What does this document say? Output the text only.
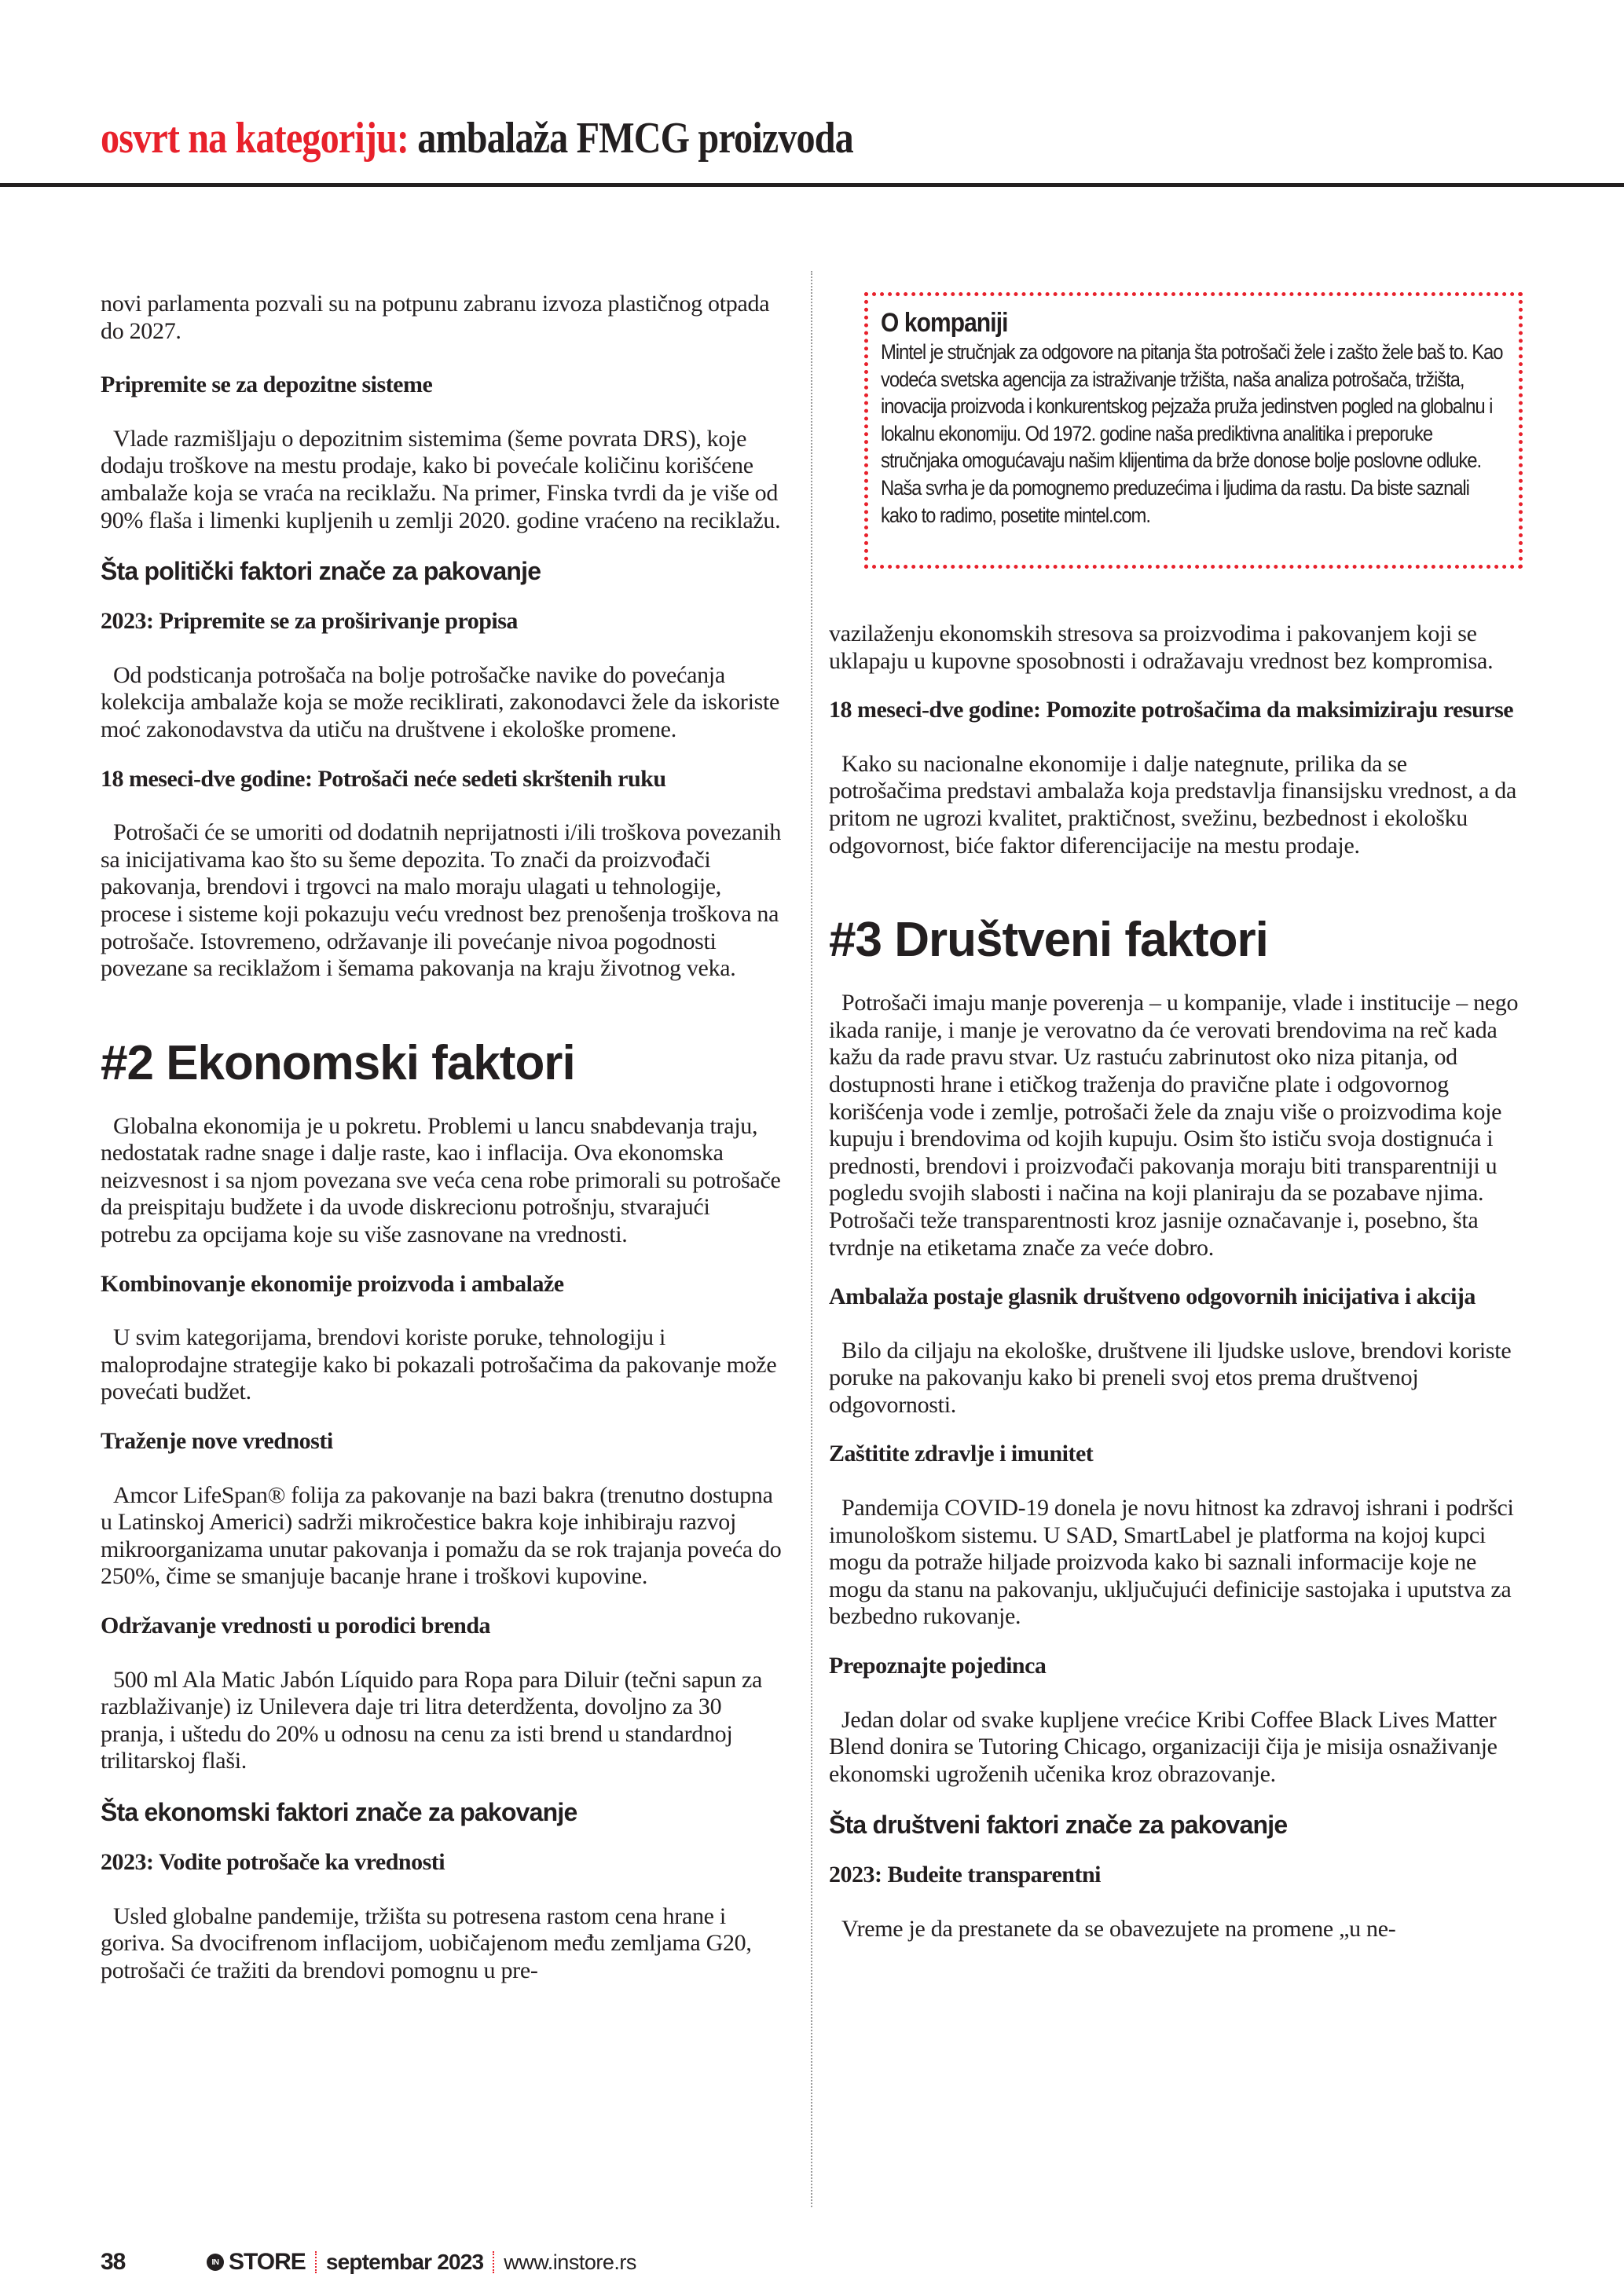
osvrt na kategoriju: ambalaža FMCG proizvoda

novi parlamenta pozvali su na potpunu zabranu izvoza plastičnog otpada do 2027.

Pripremite se za depozitne sisteme

Vlade razmišljaju o depozitnim sistemima (šeme povrata DRS), koje dodaju troškove na mestu prodaje, kako bi povećale količinu korišćene ambalaže koja se vraća na reciklažu. Na primer, Finska tvrdi da je više od 90% flaša i limenki kupljenih u zemlji 2020. godine vraćeno na reciklažu.

Šta politički faktori znače za pakovanje

2023: Pripremite se za proširivanje propisa

Od podsticanja potrošača na bolje potrošačke navike do povećanja kolekcija ambalaže koja se može reciklirati, zakonodavci žele da iskoriste moć zakonodavstva da utiču na društvene i ekološke promene.

18 meseci-dve godine: Potrošači neće sedeti skrštenih ruku

Potrošači će se umoriti od dodatnih neprijatnosti i/ili troškova povezanih sa inicijativama kao što su šeme depozita. To znači da proizvođači pakovanja, brendovi i trgovci na malo moraju ulagati u tehnologije, procese i sisteme koji pokazuju veću vrednost bez prenošenja troškova na potrošače. Istovremeno, održavanje ili povećanje nivoa pogodnosti povezane sa reciklažom i šemama pakovanja na kraju životnog veka.

#2 Ekonomski faktori

Globalna ekonomija je u pokretu. Problemi u lancu snabdevanja traju, nedostatak radne snage i dalje raste, kao i inflacija. Ova ekonomska neizvesnost i sa njom povezana sve veća cena robe primorali su potrošače da preispitaju budžete i da uvode diskrecionu potrošnju, stvarajući potrebu za opcijama koje su više zasnovane na vrednosti.

Kombinovanje ekonomije proizvoda i ambalaže

U svim kategorijama, brendovi koriste poruke, tehnologiju i maloprodajne strategije kako bi pokazali potrošačima da pakovanje može povećati budžet.

Traženje nove vrednosti

Amcor LifeSpan® folija za pakovanje na bazi bakra (trenutno dostupna u Latinskoj Americi) sadrži mikročestice bakra koje inhibiraju razvoj mikroorganizama unutar pakovanja i pomažu da se rok trajanja poveća do 250%, čime se smanjuje bacanje hrane i troškovi kupovine.

Održavanje vrednosti u porodici brenda

500 ml Ala Matic Jabón Líquido para Ropa para Diluir (tečni sapun za razblaživanje) iz Unilevera daje tri litra deterdženta, dovoljno za 30 pranja, i uštedu do 20% u odnosu na cenu za isti brend u standardnoj trilitarskoj flaši.

Šta ekonomski faktori znače za pakovanje

2023: Vodite potrošače ka vrednosti

Usled globalne pandemije, tržišta su potresena rastom cena hrane i goriva. Sa dvocifrenom inflacijom, uobičajenom među zemljama G20, potrošači će tražiti da brendovi pomognu u pre-

O kompaniji

Mintel je stručnjak za odgovore na pitanja šta potrošači žele i zašto žele baš to. Kao vodeća svetska agencija za istraživanje tržišta, naša analiza potrošača, tržišta, inovacija proizvoda i konkurentskog pejzaža pruža jedinstven pogled na globalnu i lokalnu ekonomiju. Od 1972. godine naša prediktivna analitika i preporuke stručnjaka omogućavaju našim klijentima da brže donose bolje poslovne odluke. Naša svrha je da pomognemo preduzećima i ljudima da rastu. Da biste saznali kako to radimo, posetite mintel.com.

vazilaženju ekonomskih stresova sa proizvodima i pakovanjem koji se uklapaju u kupovne sposobnosti i odražavaju vrednost bez kompromisa.

18 meseci-dve godine: Pomozite potrošačima da maksimiziraju resurse

Kako su nacionalne ekonomije i dalje nategnute, prilika da se potrošačima predstavi ambalaža koja predstavlja finansijsku vrednost, a da pritom ne ugrozi kvalitet, praktičnost, svežinu, bezbednost i ekološku odgovornost, biće faktor diferencijacije na mestu prodaje.

#3 Društveni faktori

Potrošači imaju manje poverenja – u kompanije, vlade i institucije – nego ikada ranije, i manje je verovatno da će verovati brendovima na reč kada kažu da rade pravu stvar. Uz rastuću zabrinutost oko niza pitanja, od dostupnosti hrane i etičkog traženja do pravične plate i odgovornog korišćenja vode i zemlje, potrošači žele da znaju više o proizvodima koje kupuju i brendovima od kojih kupuju. Osim što ističu svoja dostignuća i prednosti, brendovi i proizvođači pakovanja moraju biti transparentniji u pogledu svojih slabosti i načina na koji planiraju da se pozabave njima. Potrošači teže transparentnosti kroz jasnije označavanje i, posebno, šta tvrdnje na etiketama znače za veće dobro.

Ambalaža postaje glasnik društveno odgovornih inicijativa i akcija

Bilo da ciljaju na ekološke, društvene ili ljudske uslove, brendovi koriste poruke na pakovanju kako bi preneli svoj etos prema društvenoj odgovornosti.

Zaštitite zdravlje i imunitet

Pandemija COVID-19 donela je novu hitnost ka zdravoj ishrani i podršci imunološkom sistemu. U SAD, SmartLabel je platforma na kojoj kupci mogu da potraže hiljade proizvoda kako bi saznali informacije koje ne mogu da stanu na pakovanju, uključujući definicije sastojaka i uputstva za bezbedno rukovanje.

Prepoznajte pojedinca

Jedan dolar od svake kupljene vrećice Kribi Coffee Black Lives Matter Blend donira se Tutoring Chicago, organizaciji čija je misija osnaživanje ekonomski ugroženih učenika kroz obrazovanje.

Šta društveni faktori znače za pakovanje

2023: Budeite transparentni

Vreme je da prestanete da se obavezujete na promene „u ne-

38	IN STORE septembar 2023 www.instore.rs
